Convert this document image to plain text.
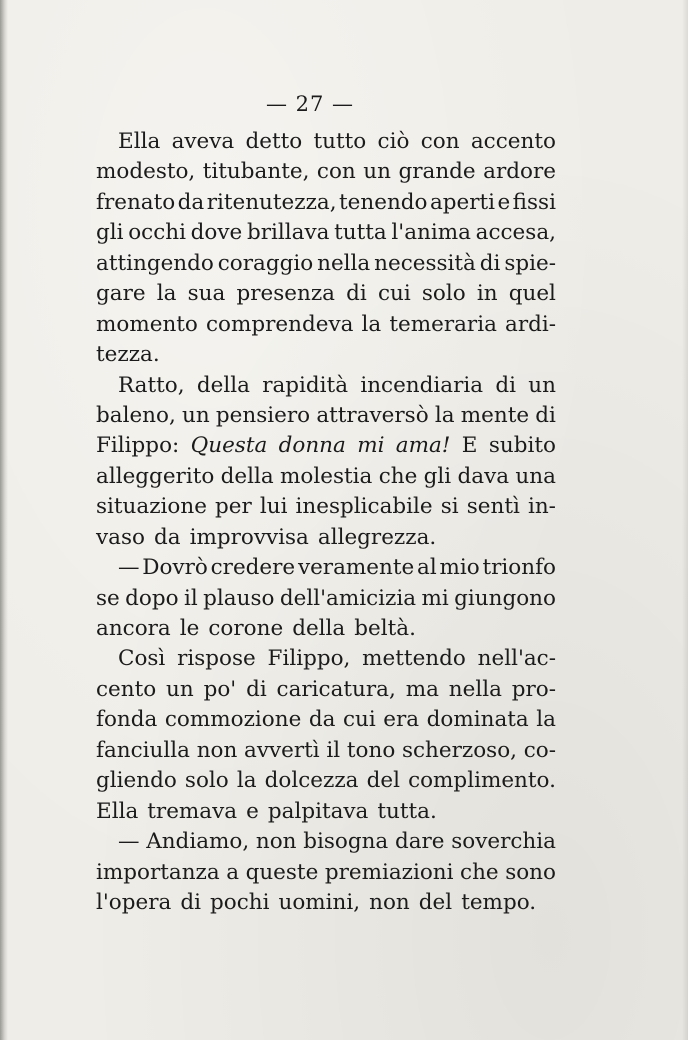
— 27 —
Ella aveva detto tutto ciò con accento
modesto, titubante, con un grande ardore
frenato da ritenutezza, tenendo aperti e fissi
gli occhi dove brillava tutta l'anima accesa,
attingendo coraggio nella necessità di spie-
gare la sua presenza di cui solo in quel
momento comprendeva la temeraria ardi-
tezza.
Ratto, della rapidità incendiaria di un
baleno, un pensiero attraversò la mente di
Filippo: Questa donna mi ama! E subito
alleggerito della molestia che gli dava una
situazione per lui inesplicabile si sentì in-
vaso da improvvisa allegrezza.
— Dovrò credere veramente al mio trionfo
se dopo il plauso dell'amicizia mi giungono
ancora le corone della beltà.
Così rispose Filippo, mettendo nell'ac-
cento un po' di caricatura, ma nella pro-
fonda commozione da cui era dominata la
fanciulla non avvertì il tono scherzoso, co-
gliendo solo la dolcezza del complimento.
Ella tremava e palpitava tutta.
— Andiamo, non bisogna dare soverchia
importanza a queste premiazioni che sono
l'opera di pochi uomini, non del tempo.
